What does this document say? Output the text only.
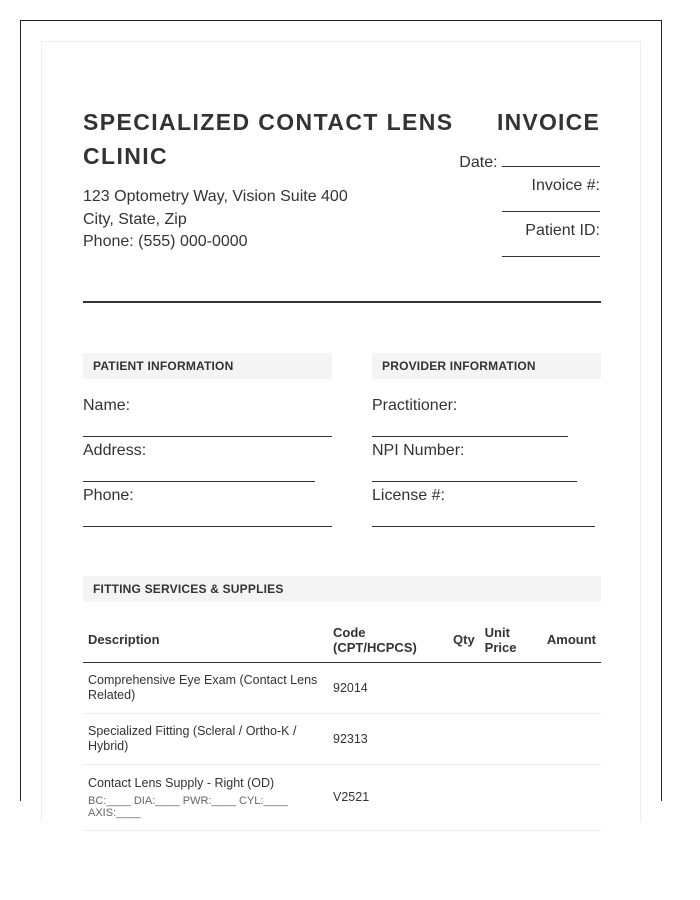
SPECIALIZED CONTACT LENS CLINIC
123 Optometry Way, Vision Suite 400
City, State, Zip
Phone: (555) 000-0000
INVOICE
Date:
Invoice #:
Patient ID:
PATIENT INFORMATION
Name:
Address:
Phone:
PROVIDER INFORMATION
Practitioner:
NPI Number:
License #:
FITTING SERVICES & SUPPLIES
Description	Code (CPT/HCPCS)	Qty	Unit Price	Amount

Comprehensive Eye Exam (Contact Lens Related)	92014			

Specialized Fitting (Scleral / Ortho-K / Hybrid)	92313			

Contact Lens Supply - Right (OD)
BC:____ DIA:____ PWR:____ CYL:____ AXIS:____	V2521			
